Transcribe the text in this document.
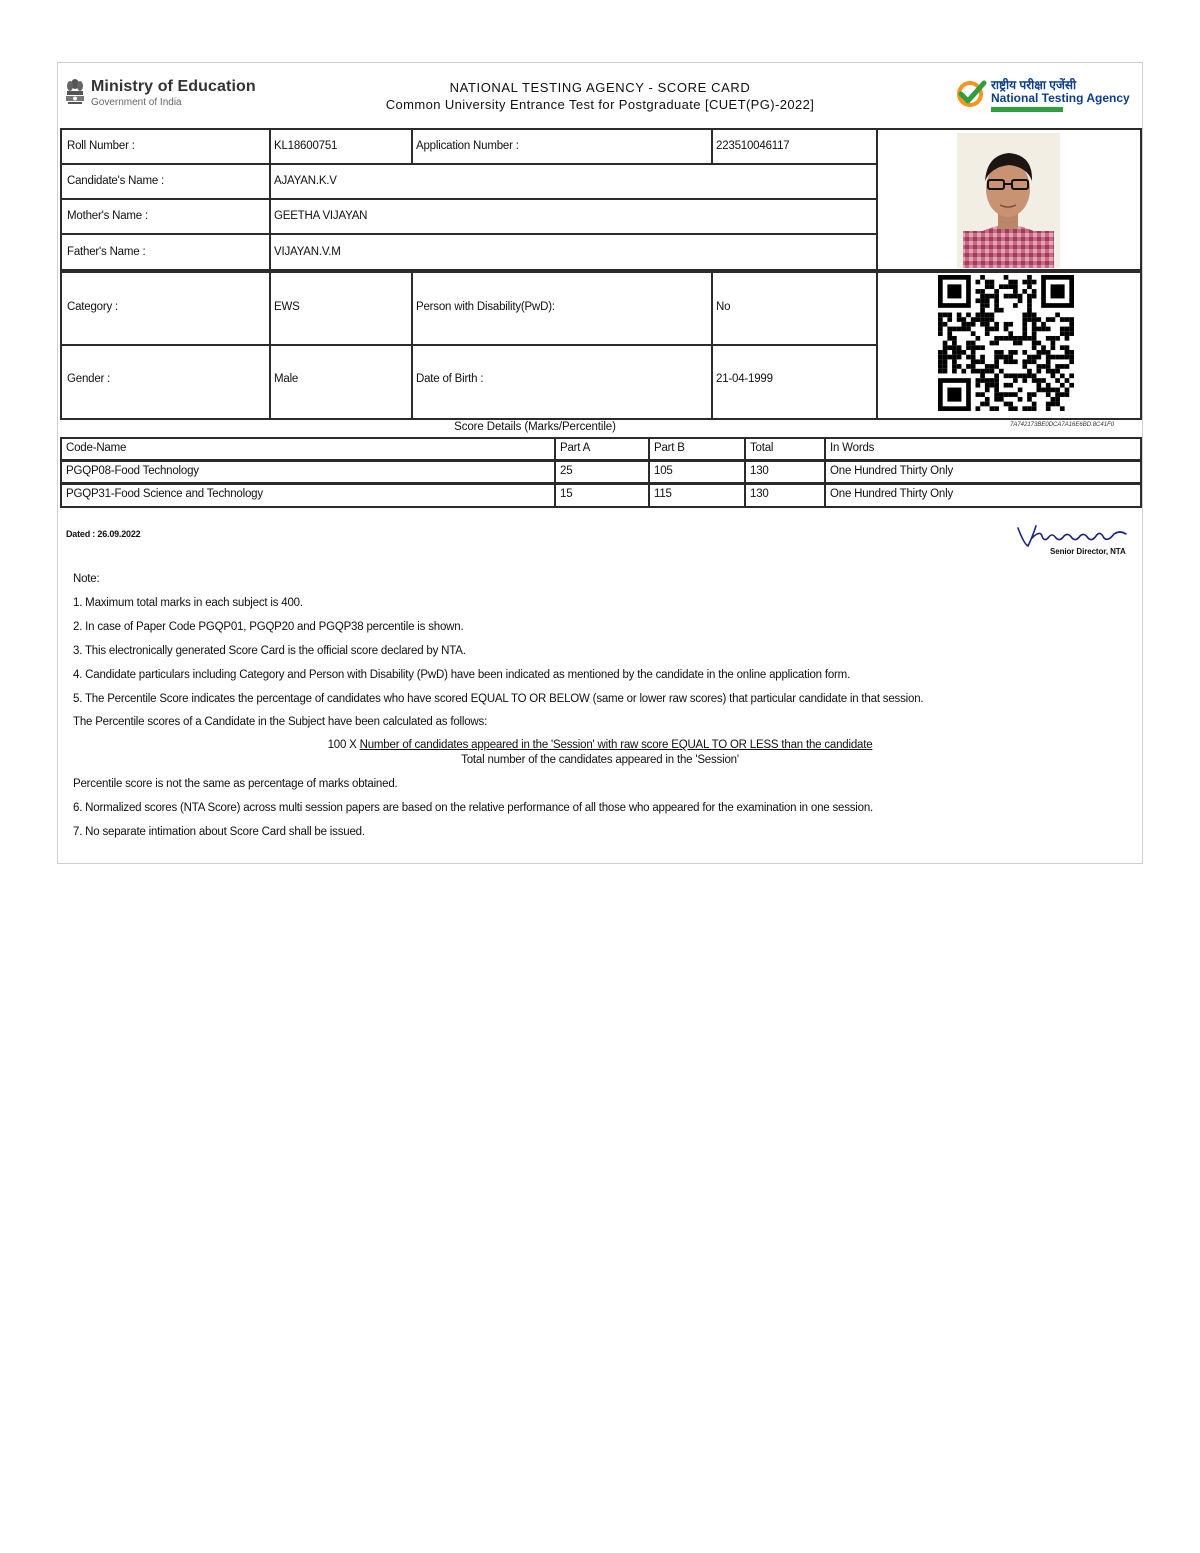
Ministry of Education
Government of India
NATIONAL TESTING AGENCY - SCORE CARD
Common University Entrance Test for Postgraduate [CUET(PG)-2022]
राष्ट्रीय परीक्षा एजेंसी
National Testing Agency
Roll Number :	KL18600751	Application Number :	223510046117
Candidate's Name :	AJAYAN.K.V
Mother's Name :	GEETHA VIJAYAN
Father's Name :	VIJAYAN.V.M
Category :	EWS	Person with Disability(PwD):	No
Gender :	Male	Date of Birth :	21-04-1999
Score Details (Marks/Percentile)	7A742173BE0DCA7A16E6BD.8C41F0
Code-Name	Part A	Part B	Total	In Words
PGQP08-Food Technology	25	105	130	One Hundred Thirty Only
PGQP31-Food Science and Technology	15	115	130	One Hundred Thirty Only
Dated : 26.09.2022
Senior Director, NTA
Note:
1. Maximum total marks in each subject is 400.
2. In case of Paper Code PGQP01, PGQP20 and PGQP38 percentile is shown.
3. This electronically generated Score Card is the official score declared by NTA.
4. Candidate particulars including Category and Person with Disability (PwD) have been indicated as mentioned by the candidate in the online application form.
5. The Percentile Score indicates the percentage of candidates who have scored EQUAL TO OR BELOW (same or lower raw scores) that particular candidate in that session.
The Percentile scores of a Candidate in the Subject have been calculated as follows:
100 X Number of candidates appeared in the 'Session' with raw score EQUAL TO OR LESS than the candidate
Total number of the candidates appeared in the 'Session'
Percentile score is not the same as percentage of marks obtained.
6. Normalized scores (NTA Score) across multi session papers are based on the relative performance of all those who appeared for the examination in one session.
7. No separate intimation about Score Card shall be issued.
